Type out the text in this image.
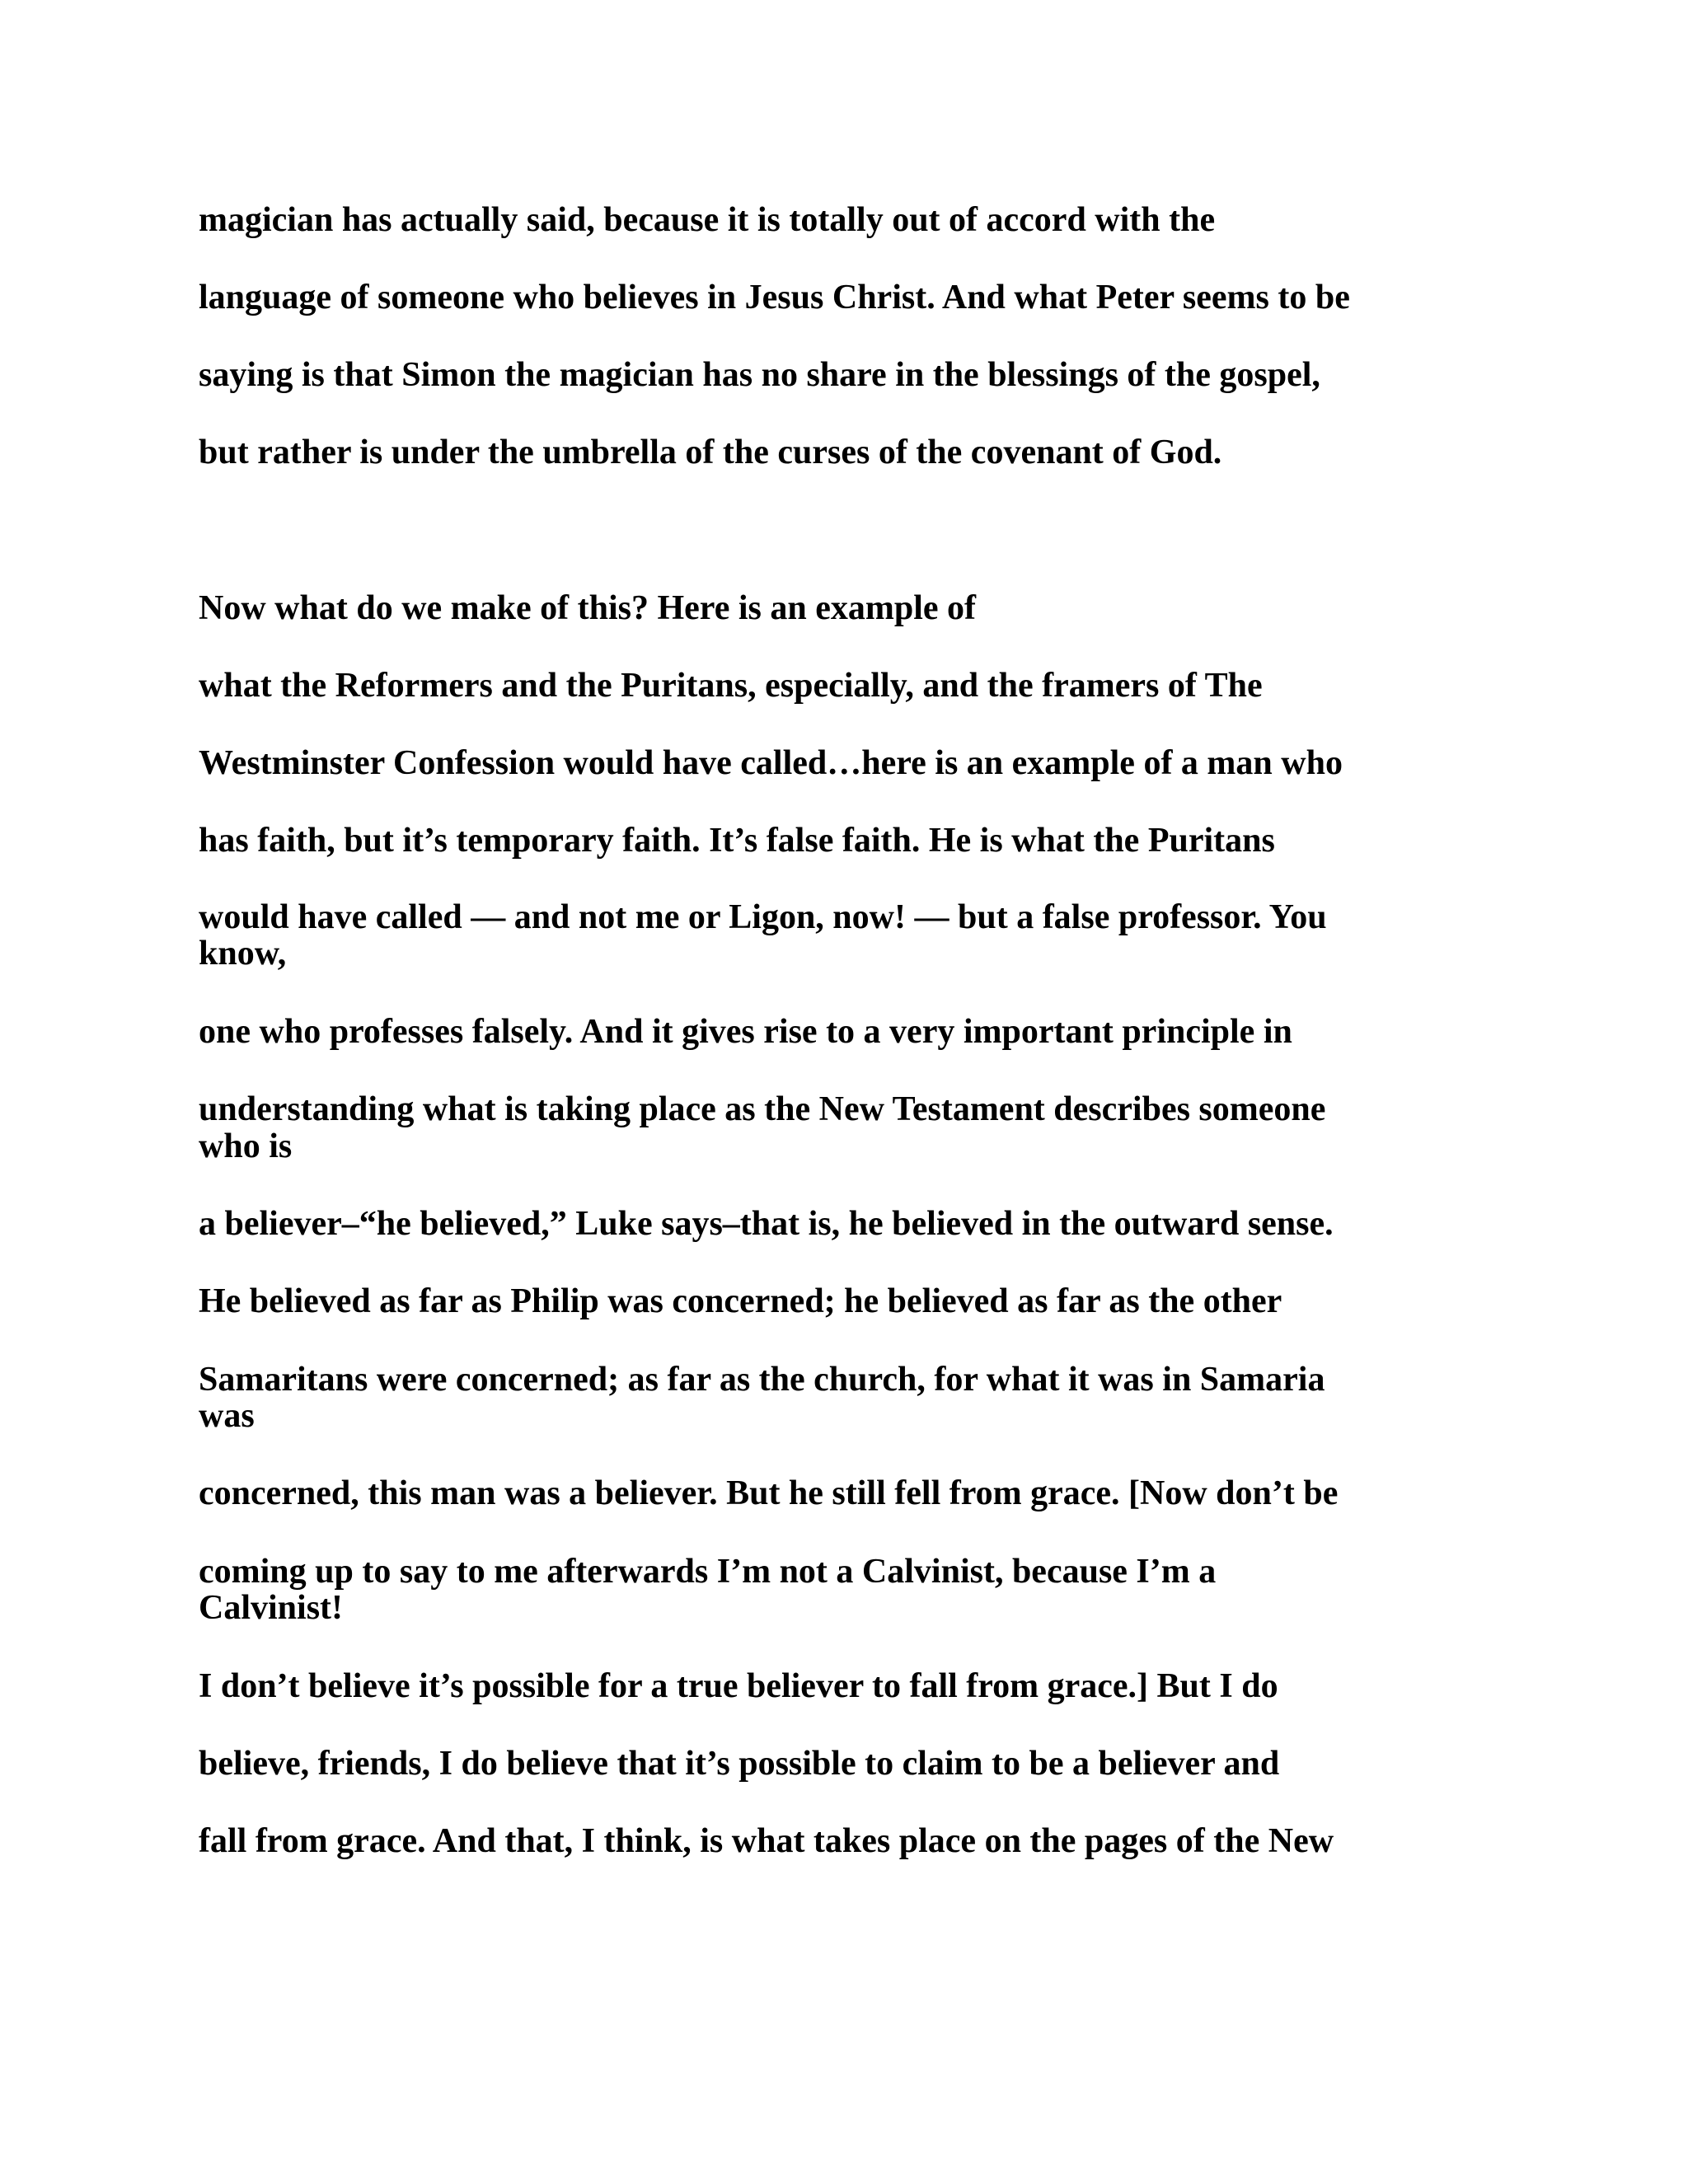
magician has actually said, because it is totally out of accord with the

language of someone who believes in Jesus Christ. And what Peter seems to be

saying is that Simon the magician has no share in the blessings of the gospel,

but rather is under the umbrella of the curses of the covenant of God.

Now what do we make of this? Here is an example of

what the Reformers and the Puritans, especially, and the framers of The

Westminster Confession would have called…here is an example of a man who

has faith, but it’s temporary faith. It’s false faith. He is what the Puritans

would have called — and not me or Ligon, now! — but a false professor. You

know,

one who professes falsely. And it gives rise to a very important principle in

understanding what is taking place as the New Testament describes someone

who is

a believer–“he believed,” Luke says–that is, he believed in the outward sense.

He believed as far as Philip was concerned; he believed as far as the other

Samaritans were concerned; as far as the church, for what it was in Samaria

was

concerned, this man was a believer. But he still fell from grace. [Now don’t be

coming up to say to me afterwards I’m not a Calvinist, because I’m a

Calvinist!

I don’t believe it’s possible for a true believer to fall from grace.] But I do

believe, friends, I do believe that it’s possible to claim to be a believer and

fall from grace. And that, I think, is what takes place on the pages of the New
